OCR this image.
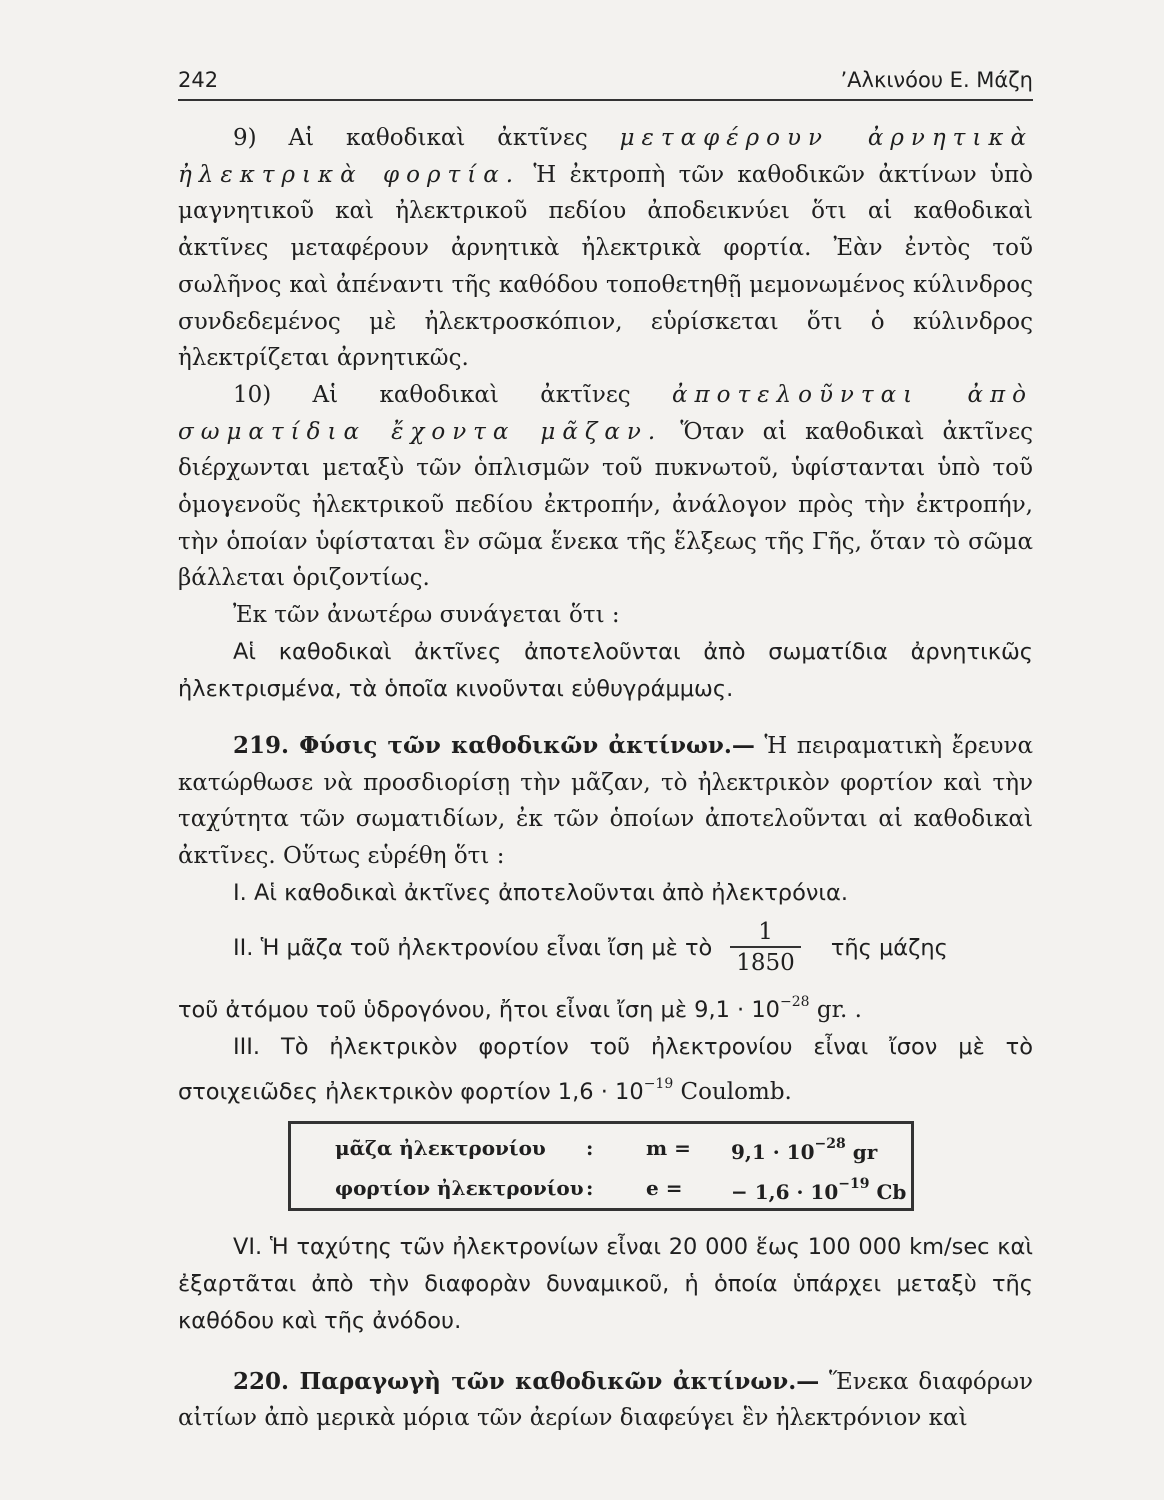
242	’Αλκινόου Ε. Μάζη

9) Αἱ καθοδικαὶ ἀκτῖνες μεταφέρουν ἀρνητικὰ ἠλεκτρικὰ φορτία. Ἡ ἐκτροπὴ τῶν καθοδικῶν ἀκτίνων ὑπὸ μαγνητικοῦ καὶ ἠλεκτρικοῦ πεδίου ἀποδεικνύει ὅτι αἱ καθοδικαὶ ἀκτῖνες μεταφέρουν ἀρνητικὰ ἠλεκτρικὰ φορτία. Ἐὰν ἐντὸς τοῦ σωλῆνος καὶ ἀπέναντι τῆς καθόδου τοποθετηθῇ μεμονωμένος κύλινδρος συνδεδεμένος μὲ ἠλεκτροσκόπιον, εὑρίσκεται ὅτι ὁ κύλινδρος ἠλεκτρίζεται ἀρνητικῶς.

10) Αἱ καθοδικαὶ ἀκτῖνες ἀποτελοῦνται ἀπὸ σωματίδια ἔχοντα μᾶζαν. Ὅταν αἱ καθοδικαὶ ἀκτῖνες διέρχωνται μεταξὺ τῶν ὁπλισμῶν τοῦ πυκνωτοῦ, ὑφίστανται ὑπὸ τοῦ ὁμογενοῦς ἠλεκτρικοῦ πεδίου ἐκτροπήν, ἀνάλογον πρὸς τὴν ἐκτροπήν, τὴν ὁποίαν ὑφίσταται ἓν σῶμα ἕνεκα τῆς ἕλξεως τῆς Γῆς, ὅταν τὸ σῶμα βάλλεται ὁριζοντίως.

Ἐκ τῶν ἀνωτέρω συνάγεται ὅτι :

Αἱ καθοδικαὶ ἀκτῖνες ἀποτελοῦνται ἀπὸ σωματίδια ἀρνητικῶς ἠλεκτρισμένα, τὰ ὁποῖα κινοῦνται εὐθυγράμμως.

219. Φύσις τῶν καθοδικῶν ἀκτίνων.— Ἡ πειραματικὴ ἔρευνα κατώρθωσε νὰ προσδιορίσῃ τὴν μᾶζαν, τὸ ἠλεκτρικὸν φορτίον καὶ τὴν ταχύτητα τῶν σωματιδίων, ἐκ τῶν ὁποίων ἀποτελοῦνται αἱ καθοδικαὶ ἀκτῖνες. Οὕτως εὑρέθη ὅτι :

I. Αἱ καθοδικαὶ ἀκτῖνες ἀποτελοῦνται ἀπὸ ἠλεκτρόνια.

II. Ἡ μᾶζα τοῦ ἠλεκτρονίου εἶναι ἴση μὲ τὸ $\frac{1}{1850}$ τῆς μάζης

τοῦ ἀτόμου τοῦ ὑδρογόνου, ἤτοι εἶναι ἴση μὲ $9,1 \cdot 10^{-28}$ gr. .

III. Τὸ ἠλεκτρικὸν φορτίον τοῦ ἠλεκτρονίου εἶναι ἴσον μὲ τὸ στοιχειῶδες ἠλεκτρικὸν φορτίον $1,6 \cdot 10^{-19}$ Coulomb.

μᾶζα ἠλεκτρονίου :	$m = 9,1 \cdot 10^{-28}$ gr
φορτίον ἠλεκτρονίου :	e = − $1,6 \cdot 10^{-19}$ Cb

VI. Ἡ ταχύτης τῶν ἠλεκτρονίων εἶναι 20 000 ἕως 100 000 km/sec καὶ ἐξαρτᾶται ἀπὸ τὴν διαφορὰν δυναμικοῦ, ἡ ὁποία ὑπάρχει μεταξὺ τῆς καθόδου καὶ τῆς ἀνόδου.

220. Παραγωγὴ τῶν καθοδικῶν ἀκτίνων.— Ἕνεκα διαφόρων αἰτίων ἀπὸ μερικὰ μόρια τῶν ἀερίων διαφεύγει ἓν ἠλεκτρόνιον καὶ
